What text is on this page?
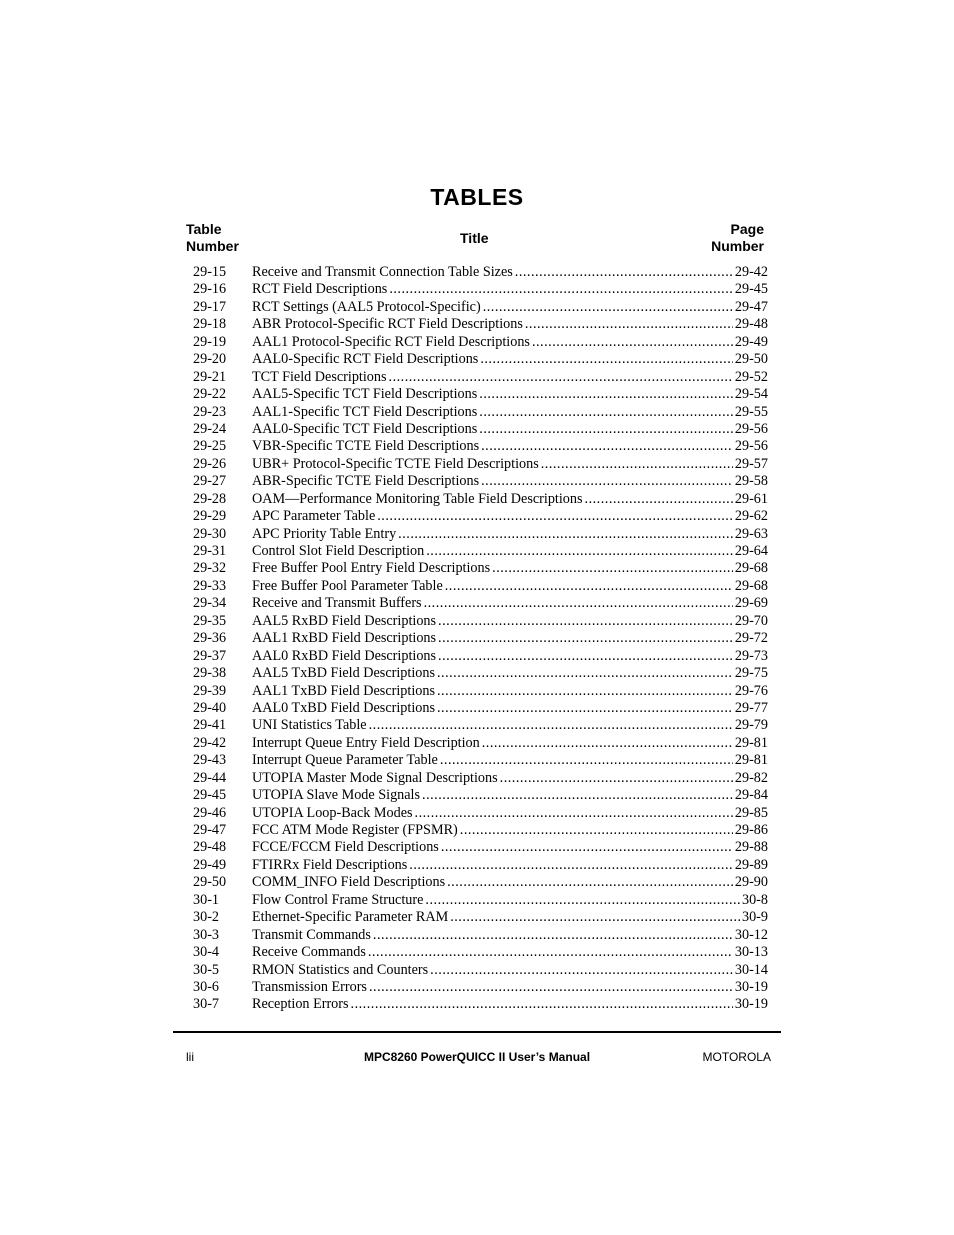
TABLES
Table
Number	Title
Page
Number
29-15 Receive and Transmit Connection Table Sizes .....	29-42
29-16 RCT Field Descriptions .....	29-45
29-17 RCT Settings (AAL5 Protocol-Specific) .....	29-47
29-18 ABR Protocol-Specific RCT Field Descriptions .....	29-48
29-19 AAL1 Protocol-Specific RCT Field Descriptions .....	29-49
29-20 AAL0-Specific RCT Field Descriptions .....	29-50
29-21 TCT Field Descriptions .....	29-52
29-22 AAL5-Specific TCT Field Descriptions .....	29-54
29-23 AAL1-Specific TCT Field Descriptions .....	29-55
29-24 AAL0-Specific TCT Field Descriptions .....	29-56
29-25 VBR-Specific TCTE Field Descriptions .....	29-56
29-26 UBR+ Protocol-Specific TCTE Field Descriptions .....	29-57
29-27 ABR-Specific TCTE Field Descriptions .....	29-58
29-28 OAM—Performance Monitoring Table Field Descriptions .....	29-61
29-29 APC Parameter Table .....	29-62
29-30 APC Priority Table Entry .....	29-63
29-31 Control Slot Field Description .....	29-64
29-32 Free Buffer Pool Entry Field Descriptions .....	29-68
29-33 Free Buffer Pool Parameter Table .....	29-68
29-34 Receive and Transmit Buffers .....	29-69
29-35 AAL5 RxBD Field Descriptions .....	29-70
29-36 AAL1 RxBD Field Descriptions .....	29-72
29-37 AAL0 RxBD Field Descriptions .....	29-73
29-38 AAL5 TxBD Field Descriptions .....	29-75
29-39 AAL1 TxBD Field Descriptions .....	29-76
29-40 AAL0 TxBD Field Descriptions .....	29-77
29-41 UNI Statistics Table .....	29-79
29-42 Interrupt Queue Entry Field Description .....	29-81
29-43 Interrupt Queue Parameter Table .....	29-81
29-44 UTOPIA Master Mode Signal Descriptions .....	29-82
29-45 UTOPIA Slave Mode Signals .....	29-84
29-46 UTOPIA Loop-Back Modes .....	29-85
29-47 FCC ATM Mode Register (FPSMR) .....	29-86
29-48 FCCE/FCCM Field Descriptions .....	29-88
29-49 FTIRRx Field Descriptions .....	29-89
29-50 COMM_INFO Field Descriptions .....	29-90
30-1 Flow Control Frame Structure .....	30-8
30-2 Ethernet-Specific Parameter RAM .....	30-9
30-3 Transmit Commands .....	30-12
30-4 Receive Commands .....	30-13
30-5 RMON Statistics and Counters .....	30-14
30-6 Transmission Errors .....	30-19
30-7 Reception Errors .....	30-19
lii	MPC8260 PowerQUICC II User’s Manual	MOTOROLA
